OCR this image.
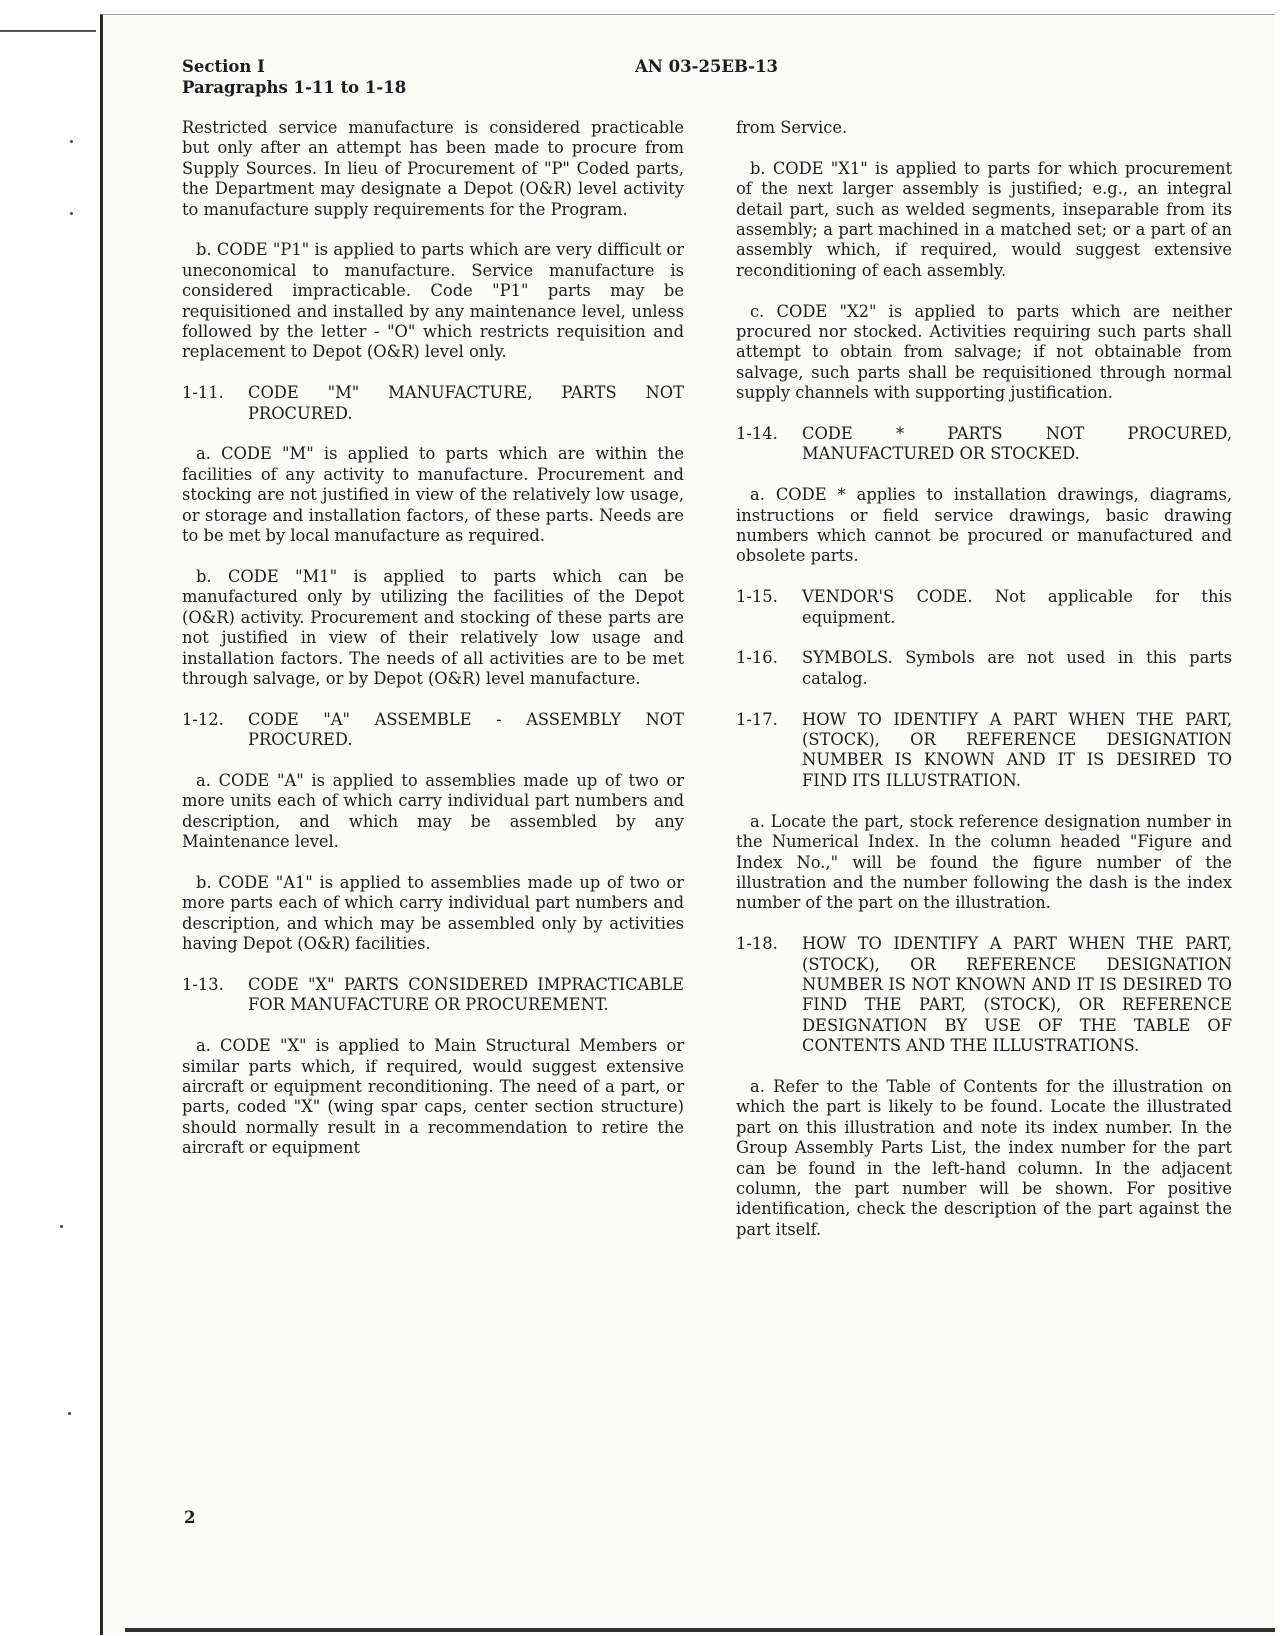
Section I
Paragraphs 1-11 to 1-18
AN 03-25EB-13

Restricted service manufacture is considered practicable but only after an attempt has been made to procure from Supply Sources. In lieu of Procurement of "P" Coded parts, the Department may designate a Depot (O&R) level activity to manufacture supply requirements for the Program.

b. CODE "P1" is applied to parts which are very difficult or uneconomical to manufacture. Service manufacture is considered impracticable. Code "P1" parts may be requisitioned and installed by any maintenance level, unless followed by the letter - "O" which restricts requisition and replacement to Depot (O&R) level only.

1-11.	CODE "M" MANUFACTURE, PARTS NOT PROCURED.

a. CODE "M" is applied to parts which are within the facilities of any activity to manufacture. Procurement and stocking are not justified in view of the relatively low usage, or storage and installation factors, of these parts. Needs are to be met by local manufacture as required.

b. CODE "M1" is applied to parts which can be manufactured only by utilizing the facilities of the Depot (O&R) activity. Procurement and stocking of these parts are not justified in view of their relatively low usage and installation factors. The needs of all activities are to be met through salvage, or by Depot (O&R) level manufacture.

1-12.	CODE "A" ASSEMBLE - ASSEMBLY NOT PROCURED.

a. CODE "A" is applied to assemblies made up of two or more units each of which carry individual part numbers and description, and which may be assembled by any Maintenance level.

b. CODE "A1" is applied to assemblies made up of two or more parts each of which carry individual part numbers and description, and which may be assembled only by activities having Depot (O&R) facilities.

1-13.	CODE "X" PARTS CONSIDERED IMPRACTICABLE FOR MANUFACTURE OR PROCUREMENT.

a. CODE "X" is applied to Main Structural Members or similar parts which, if required, would suggest extensive aircraft or equipment reconditioning. The need of a part, or parts, coded "X" (wing spar caps, center section structure) should normally result in a recommendation to retire the aircraft or equipment

from Service.

b. CODE "X1" is applied to parts for which procurement of the next larger assembly is justified; e.g., an integral detail part, such as welded segments, inseparable from its assembly; a part machined in a matched set; or a part of an assembly which, if required, would suggest extensive reconditioning of each assembly.

c. CODE "X2" is applied to parts which are neither procured nor stocked. Activities requiring such parts shall attempt to obtain from salvage; if not obtainable from salvage, such parts shall be requisitioned through normal supply channels with supporting justification.

1-14.	CODE * PARTS NOT PROCURED, MANUFACTURED OR STOCKED.

a. CODE * applies to installation drawings, diagrams, instructions or field service drawings, basic drawing numbers which cannot be procured or manufactured and obsolete parts.

1-15.	VENDOR'S CODE. Not applicable for this equipment.
1-16.	SYMBOLS. Symbols are not used in this parts catalog.
1-17.	HOW TO IDENTIFY A PART WHEN THE PART, (STOCK), OR REFERENCE DESIGNATION NUMBER IS KNOWN AND IT IS DESIRED TO FIND ITS ILLUSTRATION.

a. Locate the part, stock reference designation number in the Numerical Index. In the column headed "Figure and Index No.," will be found the figure number of the illustration and the number following the dash is the index number of the part on the illustration.

1-18.	HOW TO IDENTIFY A PART WHEN THE PART, (STOCK), OR REFERENCE DESIGNATION NUMBER IS NOT KNOWN AND IT IS DESIRED TO FIND THE PART, (STOCK), OR REFERENCE DESIGNATION BY USE OF THE TABLE OF CONTENTS AND THE ILLUSTRATIONS.

a. Refer to the Table of Contents for the illustration on which the part is likely to be found. Locate the illustrated part on this illustration and note its index number. In the Group Assembly Parts List, the index number for the part can be found in the left-hand column. In the adjacent column, the part number will be shown. For positive identification, check the description of the part against the part itself.

2
